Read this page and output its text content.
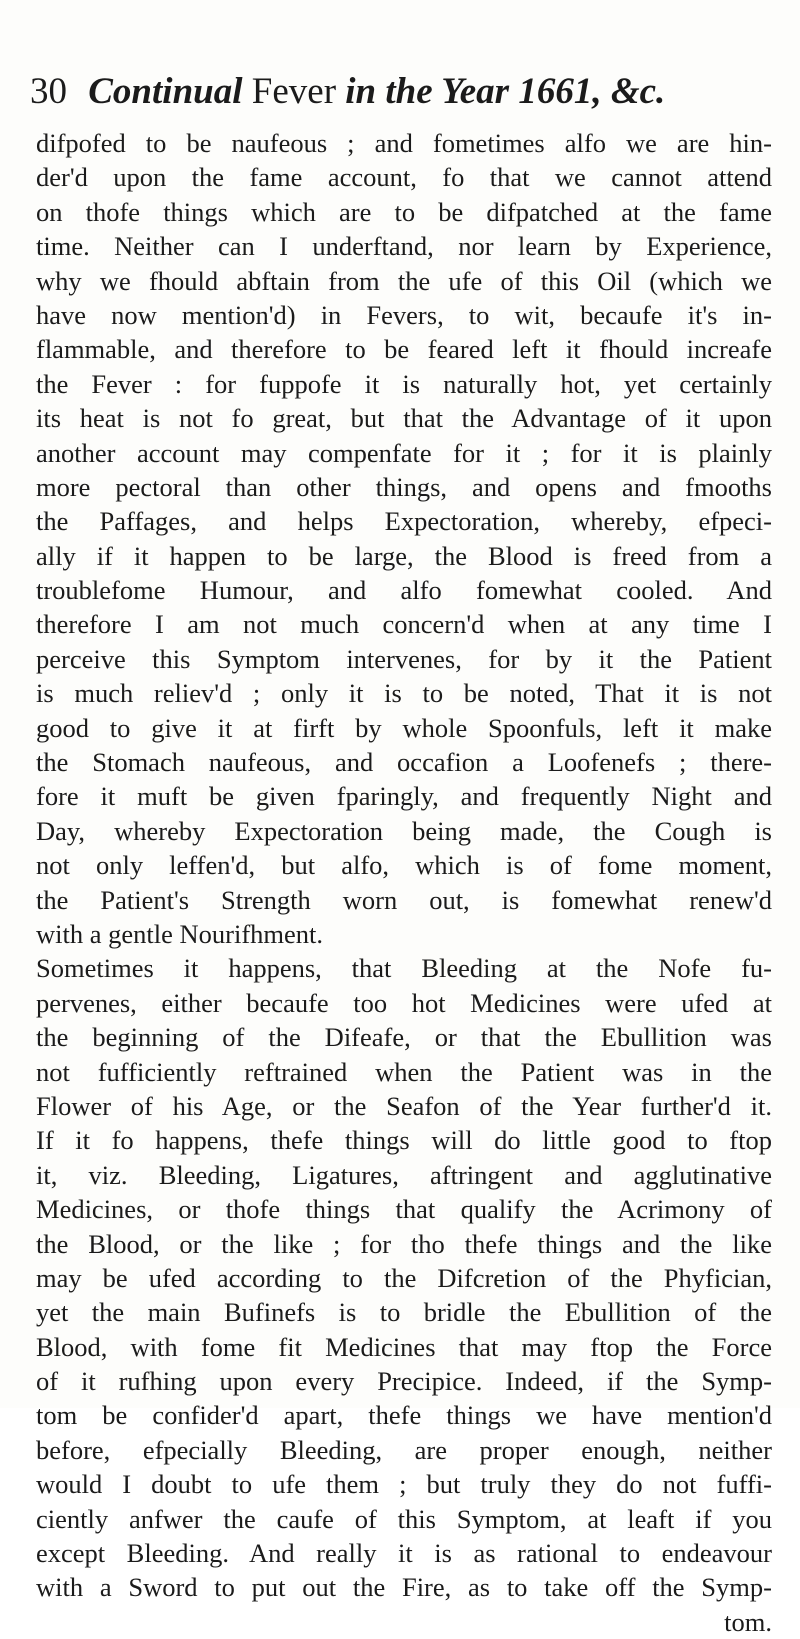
30 Continual Fever in the Year 1661, &c.
difpofed to be naufeous ; and fometimes alfo we are hin-
der'd upon the fame account, fo that we cannot attend
on thofe things which are to be difpatched at the fame
time. Neither can I underftand, nor learn by Experience,
why we fhould abftain from the ufe of this Oil (which we
have now mention'd) in Fevers, to wit, becaufe it's in-
flammable, and therefore to be feared left it fhould increafe
the Fever : for fuppofe it is naturally hot, yet certainly
its heat is not fo great, but that the Advantage of it upon
another account may compenfate for it ; for it is plainly
more pectoral than other things, and opens and fmooths
the Paffages, and helps Expectoration, whereby, efpeci-
ally if it happen to be large, the Blood is freed from a
troublefome Humour, and alfo fomewhat cooled. And
therefore I am not much concern'd when at any time I
perceive this Symptom intervenes, for by it the Patient
is much reliev'd ; only it is to be noted, That it is not
good to give it at firft by whole Spoonfuls, left it make
the Stomach naufeous, and occafion a Loofenefs ; there-
fore it muft be given fparingly, and frequently Night and
Day, whereby Expectoration being made, the Cough is
not only leffen'd, but alfo, which is of fome moment,
the Patient's Strength worn out, is fomewhat renew'd
with a gentle Nourifhment.
Sometimes it happens, that Bleeding at the Nofe fu-
pervenes, either becaufe too hot Medicines were ufed at
the beginning of the Difeafe, or that the Ebullition was
not fufficiently reftrained when the Patient was in the
Flower of his Age, or the Seafon of the Year further'd it.
If it fo happens, thefe things will do little good to ftop
it, viz. Bleeding, Ligatures, aftringent and agglutinative
Medicines, or thofe things that qualify the Acrimony of
the Blood, or the like ; for tho thefe things and the like
may be ufed according to the Difcretion of the Phyfician,
yet the main Bufinefs is to bridle the Ebullition of the
Blood, with fome fit Medicines that may ftop the Force
of it rufhing upon every Precipice. Indeed, if the Symp-
tom be confider'd apart, thefe things we have mention'd
before, efpecially Bleeding, are proper enough, neither
would I doubt to ufe them ; but truly they do not fuffi-
ciently anfwer the caufe of this Symptom, at leaft if you
except Bleeding. And really it is as rational to endeavour
with a Sword to put out the Fire, as to take off the Symp-
tom.
